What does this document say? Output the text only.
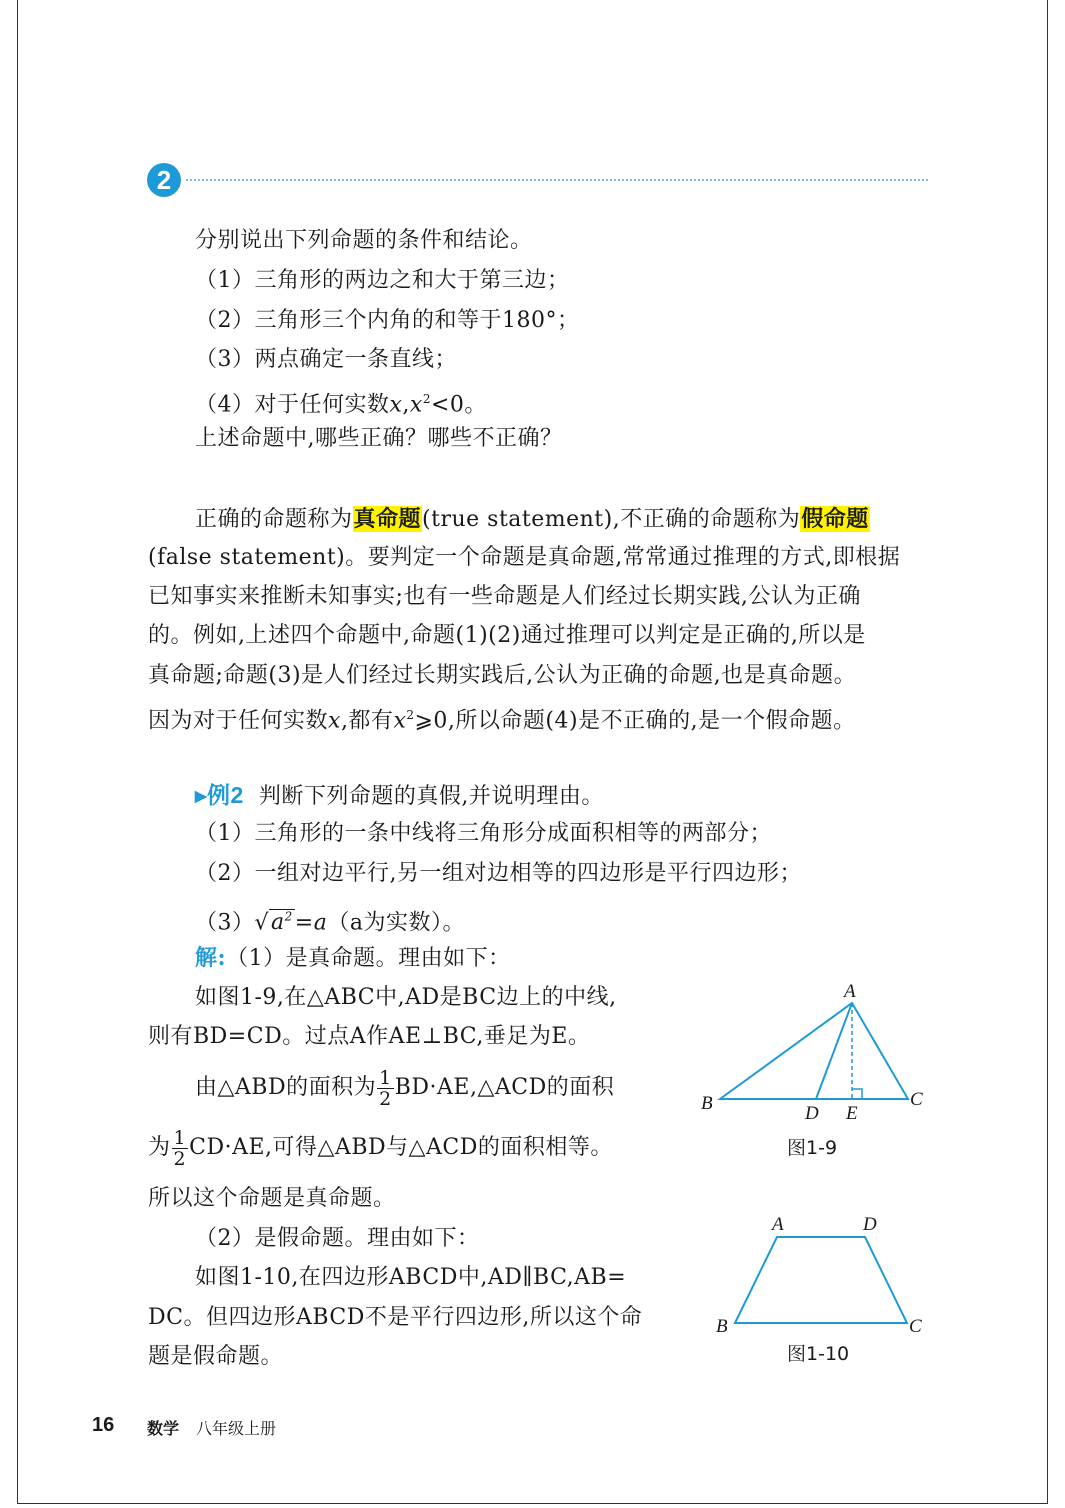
2
分别说出下列命题的条件和结论。
（1）三角形的两边之和大于第三边；
（2）三角形三个内角的和等于180°；
（3）两点确定一条直线；
（4）对于任何实数$x,x^2<0$。
上述命题中,哪些正确？哪些不正确？
正确的命题称为真命题(true statement),不正确的命题称为假命题
(false statement)。要判定一个命题是真命题,常常通过推理的方式,即根据
已知事实来推断未知事实;也有一些命题是人们经过长期实践,公认为正确
的。例如,上述四个命题中,命题(1)(2)通过推理可以判定是正确的,所以是
真命题;命题(3)是人们经过长期实践后,公认为正确的命题,也是真命题。
因为对于任何实数x,都有$x^2⩾0$,所以命题(4)是不正确的,是一个假命题。
▸例2 判断下列命题的真假,并说明理由。
（1）三角形的一条中线将三角形分成面积相等的两部分；
（2）一组对边平行,另一组对边相等的四边形是平行四边形；
$(3)√a^2=a(a$为实数）。
解:（1）是真命题。理由如下：
如图1-9,在△ABC中,AD是BC边上的中线,
则有BD=CD。过点A作AE⊥BC,垂足为E。
由△ABD的面积为 $\frac{1}{2}$ BD·AE,△ACD的面积
为 $\frac{1}{2} CD\cdot AE$,可得△ABD与△ACD的面积相等。
所以这个命题是真命题。
（2）是假命题。理由如下：
如图1-10,在四边形ABCD中,AD∥BC,AB=
DC。但四边形ABCD不是平行四边形,所以这个命
题是假命题。
A
B	C
D E
图1-9
A	D
B	C
图1-10
16 数学 八年级上册
